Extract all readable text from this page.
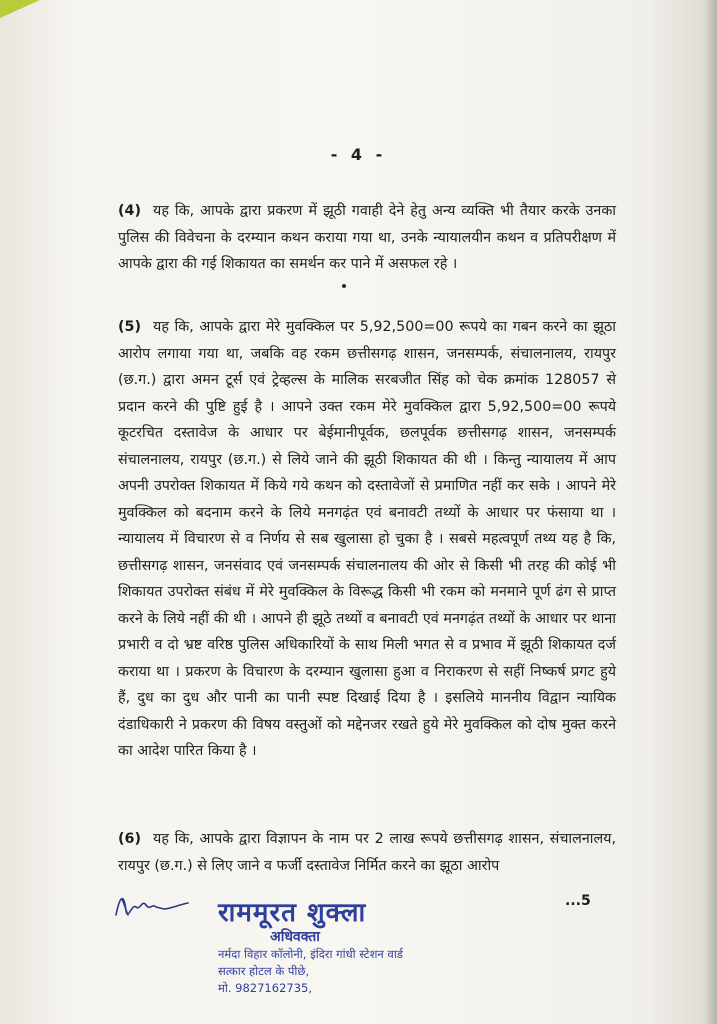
- 4 -

(4) यह कि, आपके द्वारा प्रकरण में झूठी गवाही देने हेतु अन्य व्यक्ति भी तैयार करके उनका पुलिस की विवेचना के दरम्यान कथन कराया गया था, उनके न्यायालयीन कथन व प्रतिपरीक्षण में आपके द्वारा की गई शिकायत का समर्थन कर पाने में असफल रहे ।

(5) यह कि, आपके द्वारा मेरे मुवक्किल पर 5,92,500=00 रूपये का गबन करने का झूठा आरोप लगाया गया था, जबकि वह रकम छत्तीसगढ़ शासन, जनसम्पर्क, संचालनालय, रायपुर (छ.ग.) द्वारा अमन टूर्स एवं ट्रेव्हल्स के मालिक सरबजीत सिंह को चेक क्रमांक 128057 से प्रदान करने की पुष्टि हुई है । आपने उक्त रकम मेरे मुवक्किल द्वारा 5,92,500=00 रूपये कूटरचित दस्तावेज के आधार पर बेईमानीपूर्वक, छलपूर्वक छत्तीसगढ़ शासन, जनसम्पर्क संचालनालय, रायपुर (छ.ग.) से लिये जाने की झूठी शिकायत की थी । किन्तु न्यायालय में आप अपनी उपरोक्त शिकायत में किये गये कथन को दस्तावेजों से प्रमाणित नहीं कर सके । आपने मेरे मुवक्किल को बदनाम करने के लिये मनगढ़ंत एवं बनावटी तथ्यों के आधार पर फंसाया था । न्यायालय में विचारण से व निर्णय से सब खुलासा हो चुका है । सबसे महत्वपूर्ण तथ्य यह है कि, छत्तीसगढ़ शासन, जनसंवाद एवं जनसम्पर्क संचालनालय की ओर से किसी भी तरह की कोई भी शिकायत उपरोक्त संबंध में मेरे मुवक्किल के विरूद्ध किसी भी रकम को मनमाने पूर्ण ढंग से प्राप्त करने के लिये नहीं की थी । आपने ही झूठे तथ्यों व बनावटी एवं मनगढ़ंत तथ्यों के आधार पर थाना प्रभारी व दो भ्रष्ट वरिष्ठ पुलिस अधिकारियों के साथ मिली भगत से व प्रभाव में झूठी शिकायत दर्ज कराया था । प्रकरण के विचारण के दरम्यान खुलासा हुआ व निराकरण से सहीं निष्कर्ष प्रगट हुये हैं, दुध का दुध और पानी का पानी स्पष्ट दिखाई दिया है । इसलिये माननीय विद्वान न्यायिक दंडाधिकारी ने प्रकरण की विषय वस्तुओं को मद्देनजर रखते हुये मेरे मुवक्किल को दोष मुक्त करने का आदेश पारित किया है ।

(6) यह कि, आपके द्वारा विज्ञापन के नाम पर 2 लाख रूपये छत्तीसगढ़ शासन, संचालनालय, रायपुर (छ.ग.) से लिए जाने व फर्जी दस्तावेज निर्मित करने का झूठा आरोप

...5
राममूरत शुक्ला
अधिवक्ता
नर्मदा विहार कॉलोनी, इंदिरा गांधी स्टेशन वार्ड
सत्कार होटल के पीछे,
मो. 9827162735,
